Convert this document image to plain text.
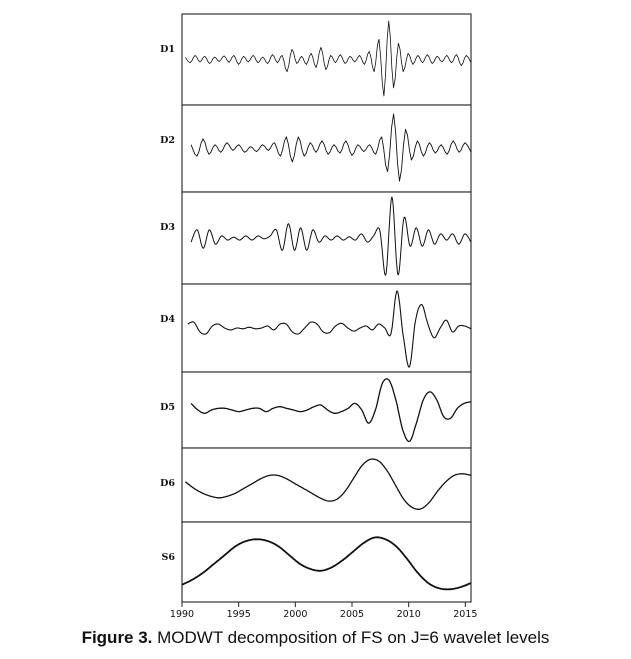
D1
D2
D3
D4
D5
D6
S6
1990	1995	2000	2005	2010	2015
Figure 3. MODWT decomposition of FS on J=6 wavelet levels
